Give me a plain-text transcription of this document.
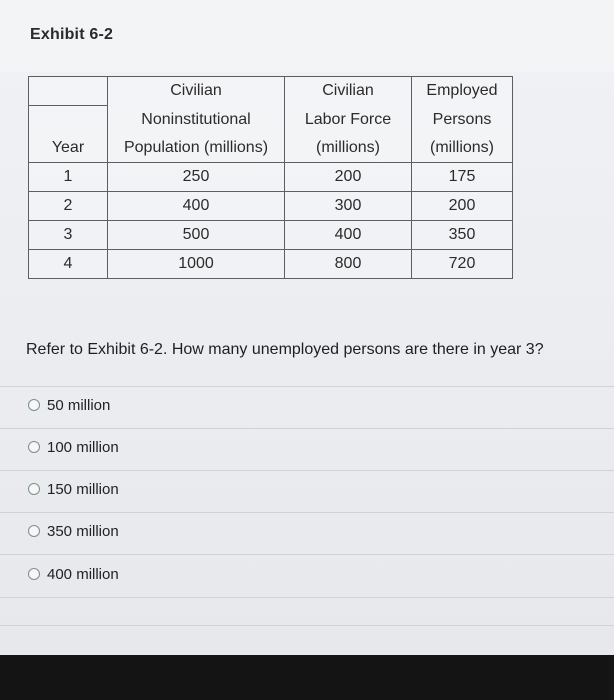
Exhibit 6-2
	Civilian	Civilian	Employed
	Noninstitutional	Labor Force	Persons
Year	Population (millions)	(millions)	(millions)
1	250	200	175
2	400	300	200
3	500	400	350
4	1000	800	720
Refer to Exhibit 6-2. How many unemployed persons are there in year 3?
50 million
100 million
150 million
350 million
400 million
